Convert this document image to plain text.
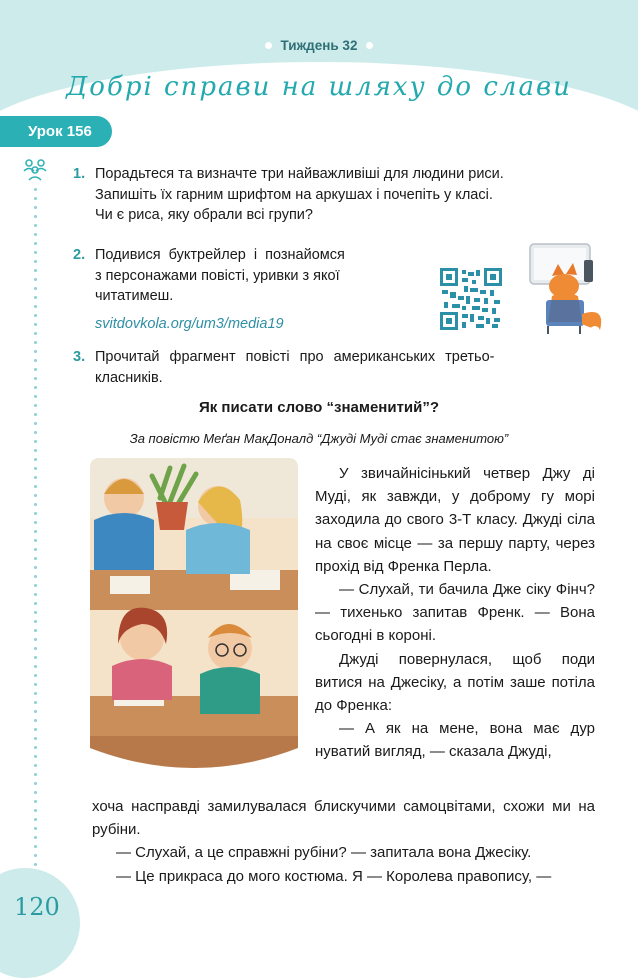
Тиждень 32
Добрі справи на шляху до слави
Урок 156
1. Порадьтеся та визначте три найважливіші для людини риси.
Запишіть їх гарним шрифтом на аркушах і почепіть у класі.
Чи є риса, яку обрали всі групи?
2. Подивися буктрейлер і познайомся
з персонажами повісті, уривки з якої
читатимеш.
svitdovkola.org/um3/media19
3. Прочитай фрагмент повісті про американських третьо-
класників.
Як писати слово “знаменитий”?
За повістю Меґан МакДоналд “Джуді Муді стає знаменитою”

У звичайнісінький четвер Джу ді Муді, як завжди, у доброму гу морі заходила до свого 3-Т класу. Джуді сіла на своє місце — за першу парту, через прохід від Френка Перла.

— Слухай, ти бачила Дже сіку Фінч? — тихенько запитав Френк. — Вона сьогодні в короні.

Джуді повернулася, щоб поди витися на Джесіку, а потім заше потіла до Френка:

— А як на мене, вона має дур нуватий вигляд, — сказала Джуді,

хоча насправді замилувалася блискучими самоцвітами, схожи ми на рубіни.

— Слухай, а це справжні рубіни? — запитала вона Джесіку.

— Це прикраса до мого костюма. Я — Королева правопису, —

120
